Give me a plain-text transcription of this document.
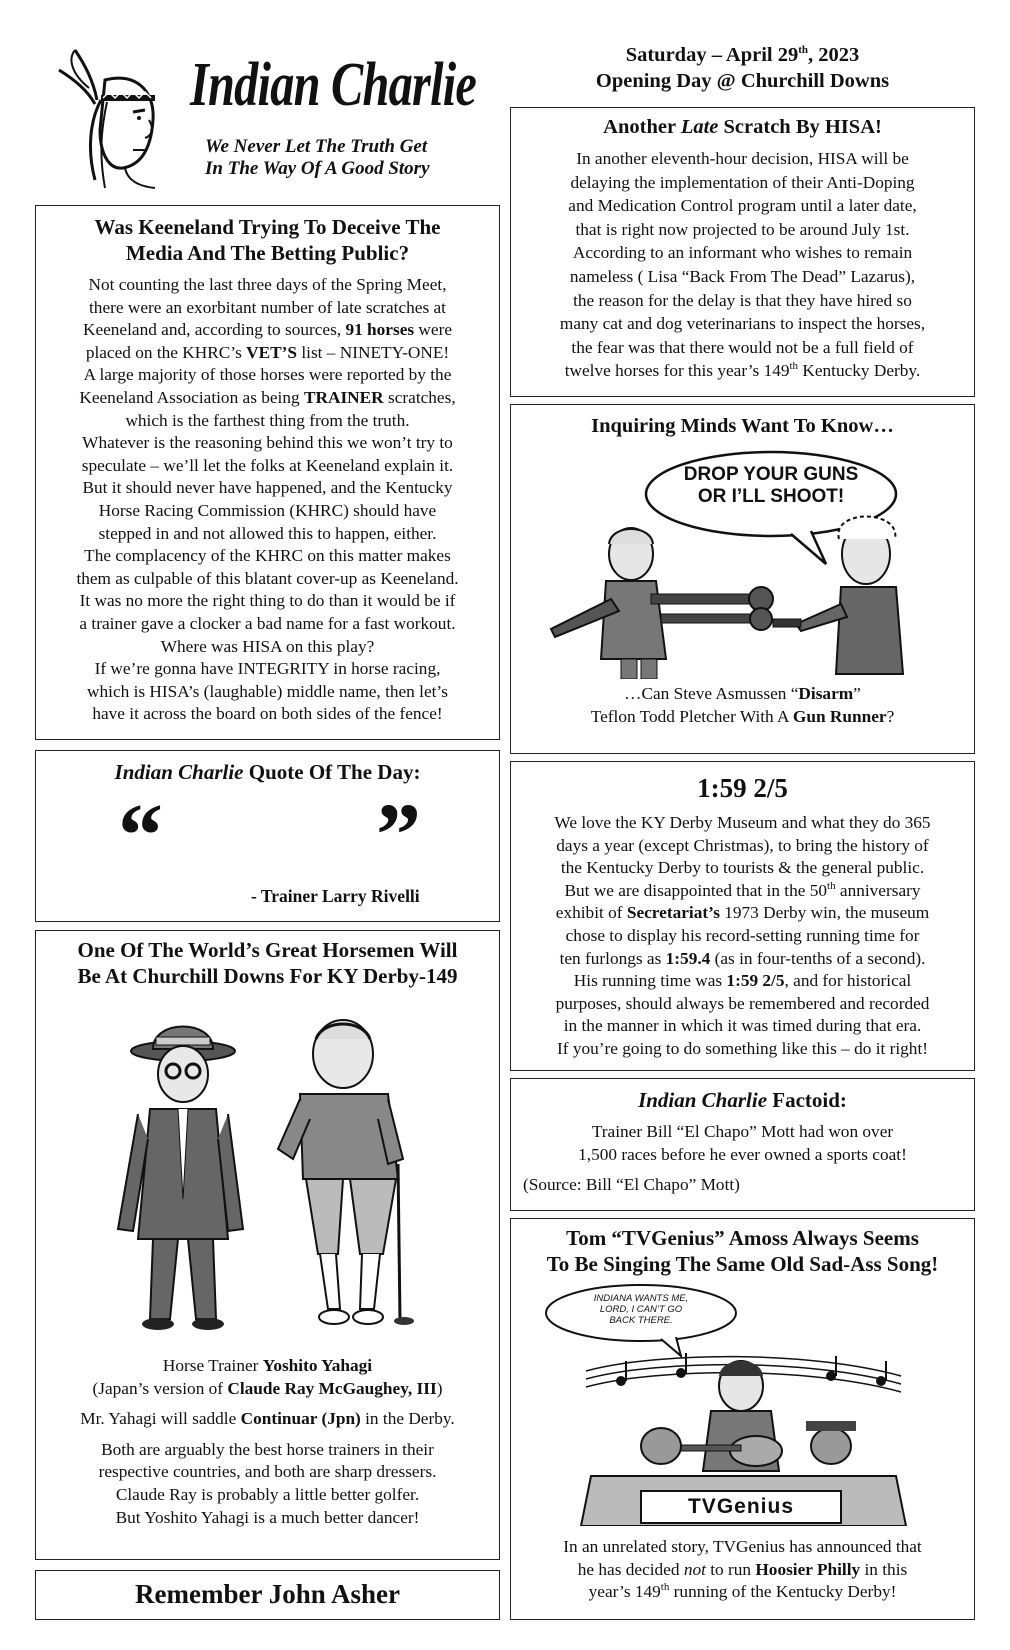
Indian Charlie
We Never Let The Truth Get
In The Way Of A Good Story
Saturday – April 29th, 2023
Opening Day @ Churchill Downs
Was Keeneland Trying To Deceive The
Media And The Betting Public?
Not counting the last three days of the Spring Meet,
there were an exorbitant number of late scratches at
Keeneland and, according to sources, 91 horses were
placed on the KHRC’s VET’S list – NINETY-ONE!
A large majority of those horses were reported by the
Keeneland Association as being TRAINER scratches,
which is the farthest thing from the truth.
Whatever is the reasoning behind this we won’t try to
speculate – we’ll let the folks at Keeneland explain it.
But it should never have happened, and the Kentucky
Horse Racing Commission (KHRC) should have
stepped in and not allowed this to happen, either.
The complacency of the KHRC on this matter makes
them as culpable of this blatant cover-up as Keeneland.
It was no more the right thing to do than it would be if
a trainer gave a clocker a bad name for a fast workout.
Where was HISA on this play?
If we’re gonna have INTEGRITY in horse racing,
which is HISA’s (laughable) middle name, then let’s
have it across the board on both sides of the fence!
Indian Charlie Quote Of The Day:
“ ”
- Trainer Larry Rivelli
One Of The World’s Great Horsemen Will
Be At Churchill Downs For KY Derby-149
Horse Trainer Yoshito Yahagi
(Japan’s version of Claude Ray McGaughey, III)
Mr. Yahagi will saddle Continuar (Jpn) in the Derby.
Both are arguably the best horse trainers in their
respective countries, and both are sharp dressers.
Claude Ray is probably a little better golfer.
But Yoshito Yahagi is a much better dancer!
Remember John Asher
Another Late Scratch By HISA!
In another eleventh-hour decision, HISA will be
delaying the implementation of their Anti-Doping
and Medication Control program until a later date,
that is right now projected to be around July 1st.
According to an informant who wishes to remain
nameless ( Lisa “Back From The Dead” Lazarus),
the reason for the delay is that they have hired so
many cat and dog veterinarians to inspect the horses,
the fear was that there would not be a full field of
twelve horses for this year’s 149th Kentucky Derby.
Inquiring Minds Want To Know…
DROP YOUR GUNS
OR I’LL SHOOT!
…Can Steve Asmussen “Disarm”
Teflon Todd Pletcher With A Gun Runner?
1:59 2/5
We love the KY Derby Museum and what they do 365
days a year (except Christmas), to bring the history of
the Kentucky Derby to tourists & the general public.
But we are disappointed that in the 50th anniversary
exhibit of Secretariat’s 1973 Derby win, the museum
chose to display his record-setting running time for
ten furlongs as 1:59.4 (as in four-tenths of a second).
His running time was 1:59 2/5, and for historical
purposes, should always be remembered and recorded
in the manner in which it was timed during that era.
If you’re going to do something like this – do it right!
Indian Charlie Factoid:
Trainer Bill “El Chapo” Mott had won over
1,500 races before he ever owned a sports coat!
(Source: Bill “El Chapo” Mott)
Tom “TVGenius” Amoss Always Seems
To Be Singing The Same Old Sad-Ass Song!
INDIANA WANTS ME,
LORD, I CAN’T GO
BACK THERE.
TVGenius
In an unrelated story, TVGenius has announced that
he has decided not to run Hoosier Philly in this
year’s 149th running of the Kentucky Derby!
